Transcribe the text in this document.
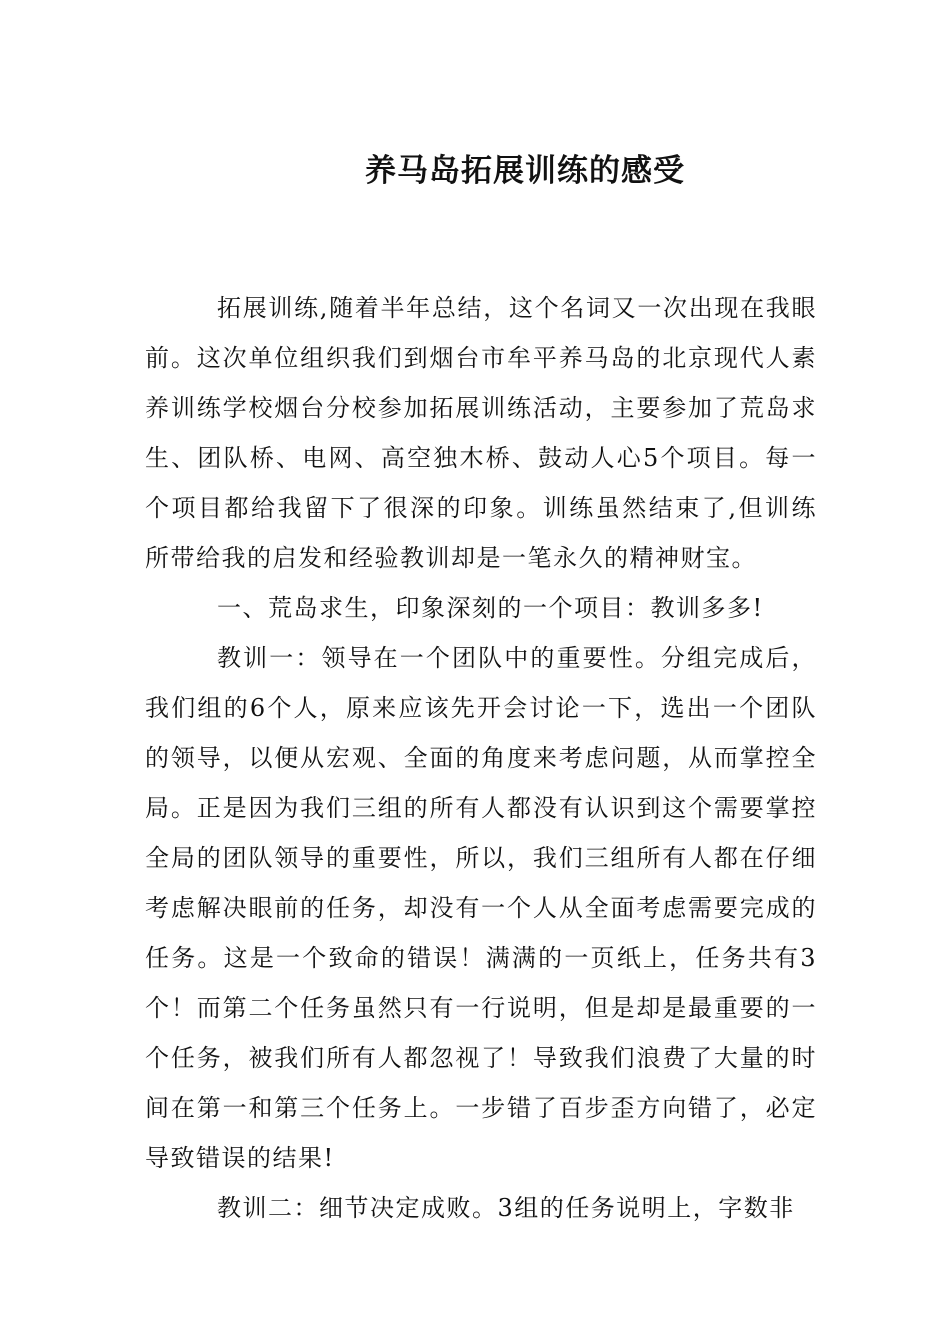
养马岛拓展训练的感受

拓展训练,随着半年总结，这个名词又一次出现在我眼前。这次单位组织我们到烟台市牟平养马岛的北京现代人素养训练学校烟台分校参加拓展训练活动，主要参加了荒岛求生、团队桥、电网、高空独木桥、鼓动人心5个项目。每一个项目都给我留下了很深的印象。训练虽然结束了,但训练所带给我的启发和经验教训却是一笔永久的精神财宝。

一、荒岛求生，印象深刻的一个项目：教训多多!

教训一：领导在一个团队中的重要性。分组完成后，我们组的6个人，原来应该先开会讨论一下，选出一个团队的领导，以便从宏观、全面的角度来考虑问题，从而掌控全局。正是因为我们三组的所有人都没有认识到这个需要掌控全局的团队领导的重要性，所以，我们三组所有人都在仔细考虑解决眼前的任务，却没有一个人从全面考虑需要完成的任务。这是一个致命的错误！满满的一页纸上，任务共有3个！而第二个任务虽然只有一行说明，但是却是最重要的一个任务，被我们所有人都忽视了！导致我们浪费了大量的时间在第一和第三个任务上。一步错了百步歪方向错了，必定导致错误的结果!

教训二：细节决定成败。3组的任务说明上，字数非
